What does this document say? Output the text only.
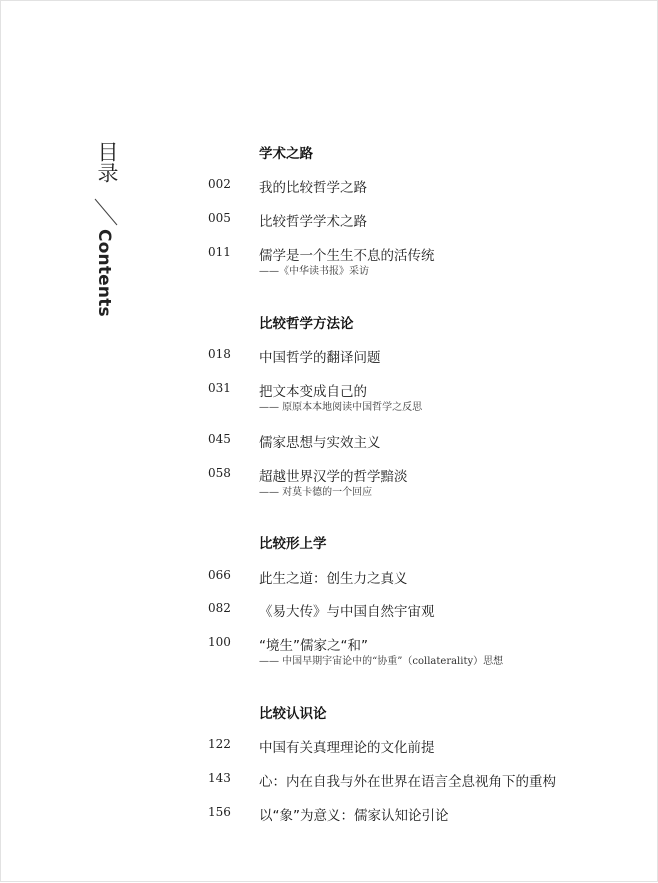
目录
Contents
学术之路
002 我的比较哲学之路
005 比较哲学学术之路
011 儒学是一个生生不息的活传统
——《中华读书报》采访
比较哲学方法论
018 中国哲学的翻译问题
031 把文本变成自己的
—— 原原本本地阅读中国哲学之反思
045 儒家思想与实效主义
058 超越世界汉学的哲学黯淡
—— 对莫卡德的一个回应
比较形上学
066 此生之道：创生力之真义
082 《易大传》与中国自然宇宙观
100 “境生”儒家之“和”
—— 中国早期宇宙论中的“协重”（collaterality）思想
比较认识论
122 中国有关真理理论的文化前提
143 心：内在自我与外在世界在语言全息视角下的重构
156 以“象”为意义：儒家认知论引论
